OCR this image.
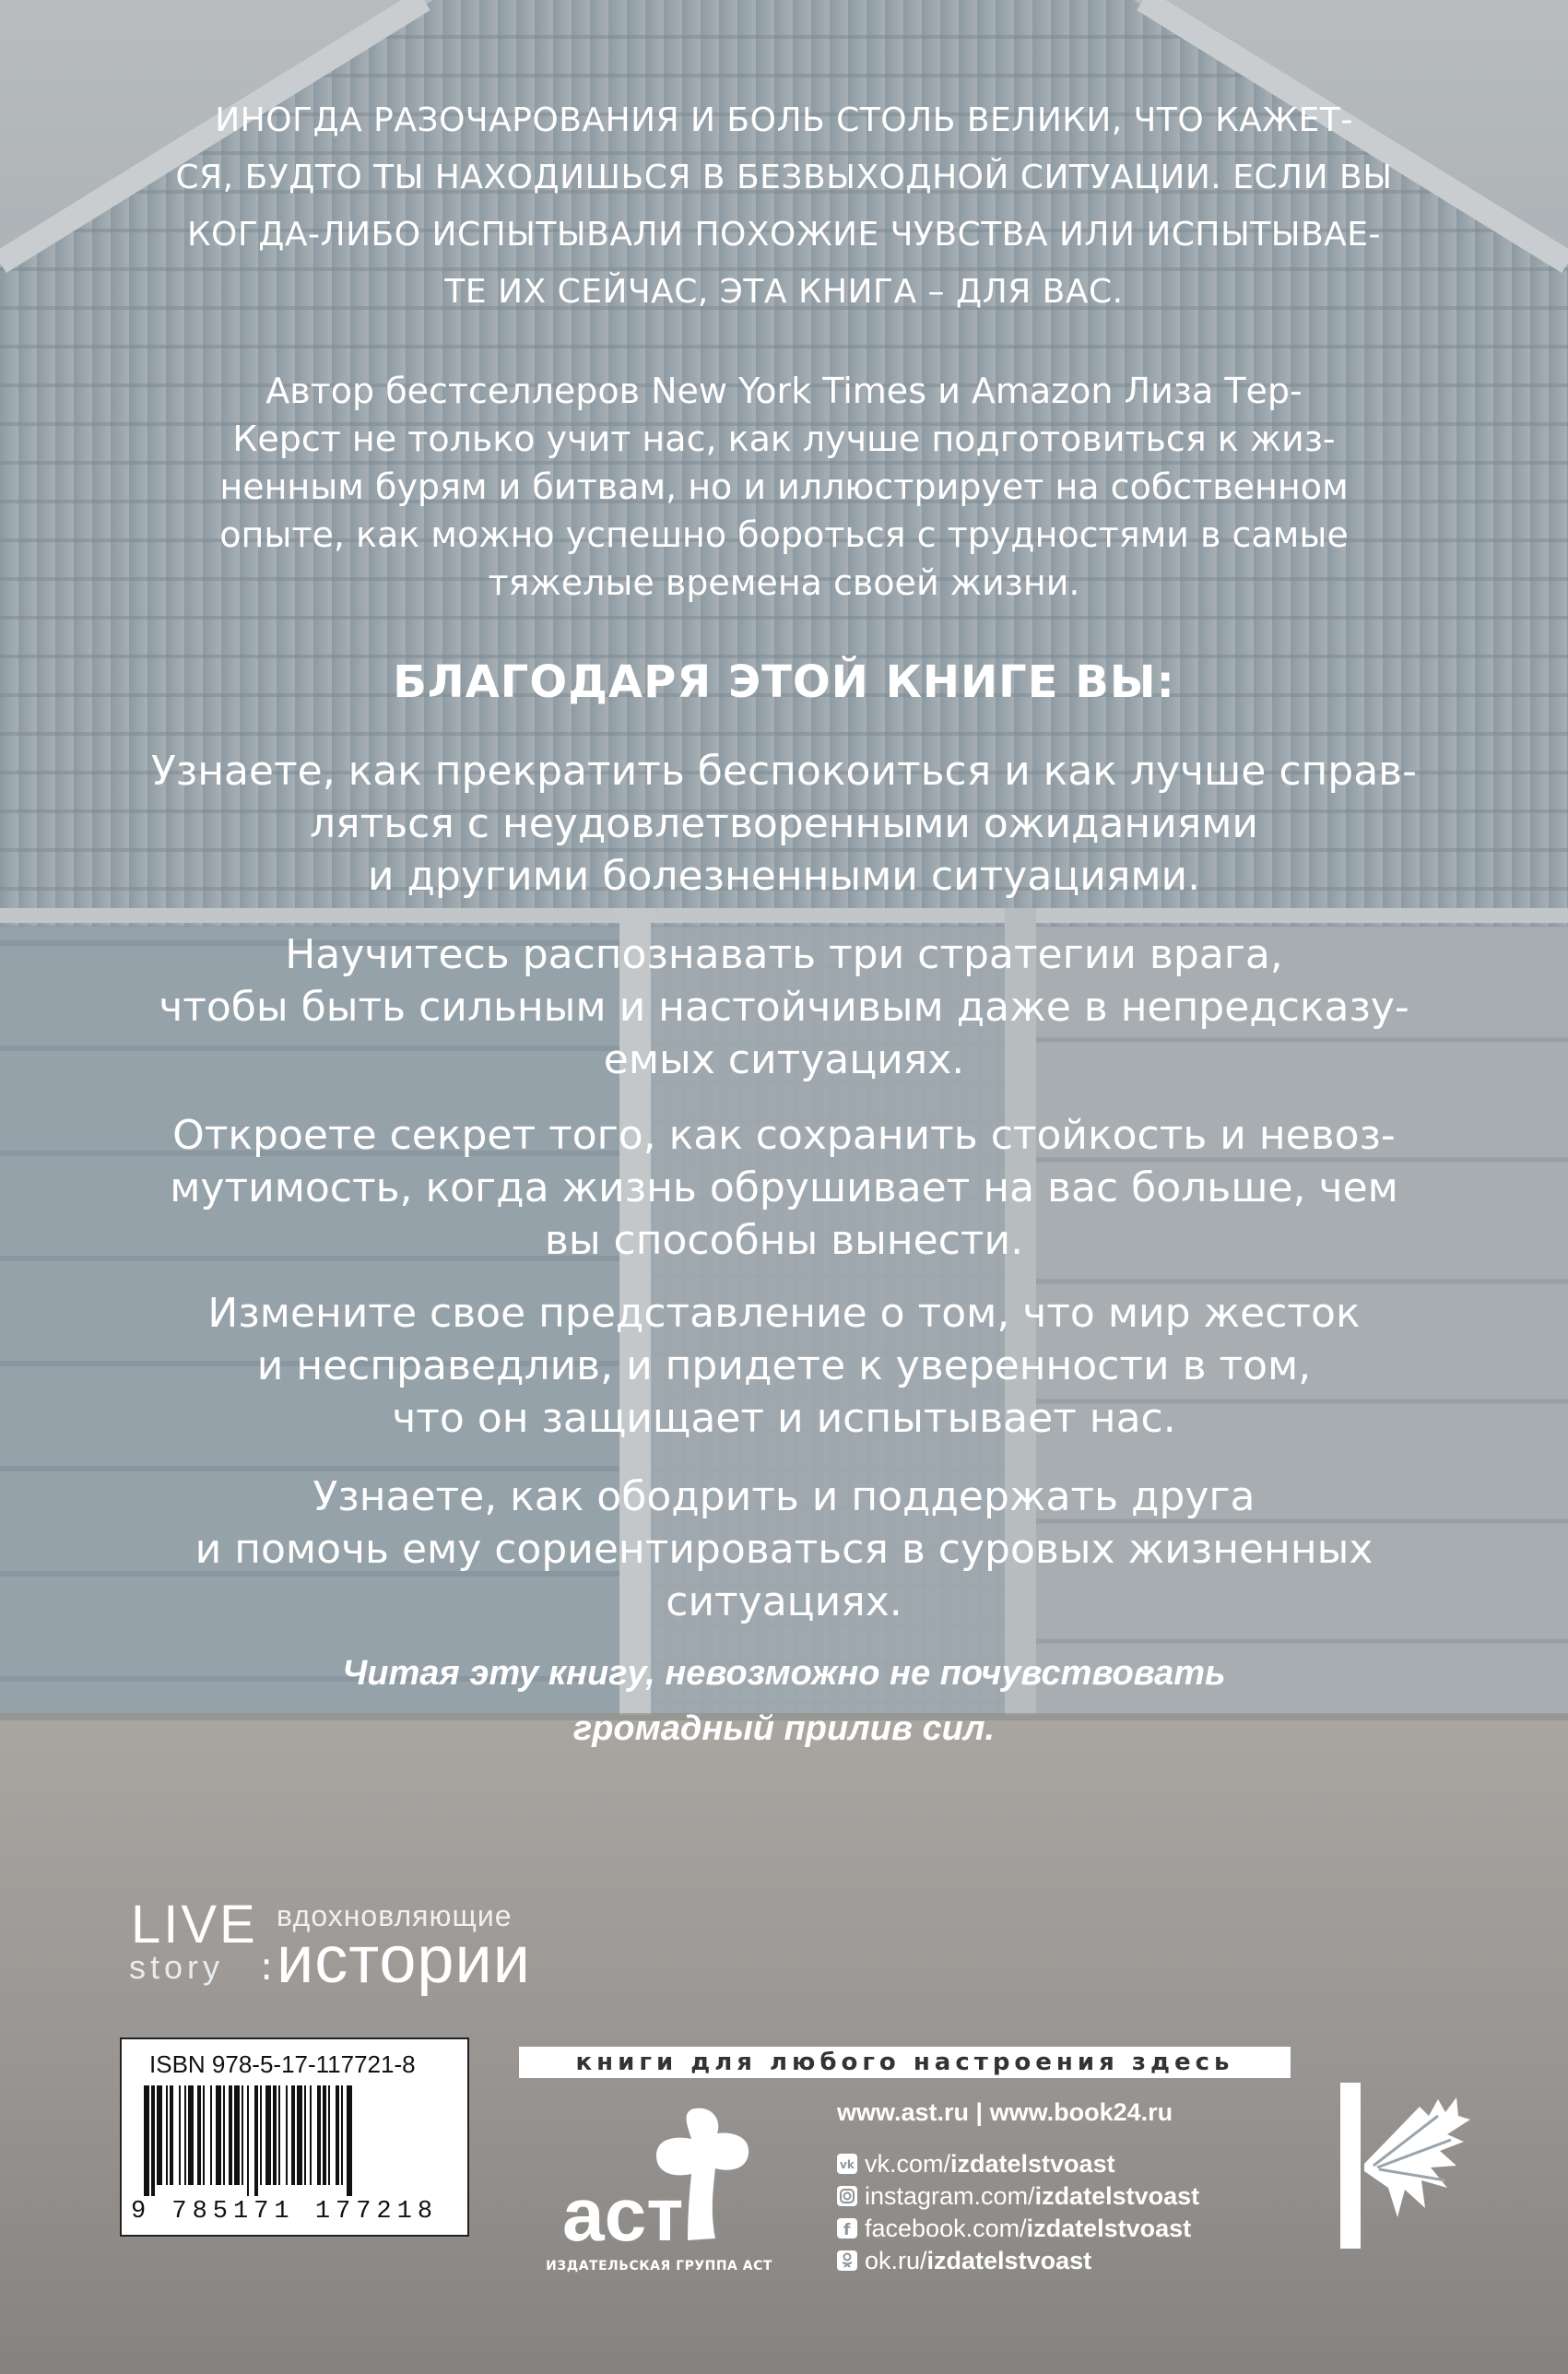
ИНОГДА РАЗОЧАРОВАНИЯ И БОЛЬ СТОЛЬ ВЕЛИКИ, ЧТО КАЖЕТ-
СЯ, БУДТО ТЫ НАХОДИШЬСЯ В БЕЗВЫХОДНОЙ СИТУАЦИИ. ЕСЛИ ВЫ
КОГДА-ЛИБО ИСПЫТЫВАЛИ ПОХОЖИЕ ЧУВСТВА ИЛИ ИСПЫТЫВАЕ-
ТЕ ИХ СЕЙЧАС, ЭТА КНИГА – ДЛЯ ВАС.
Автор бестселлеров New York Times и Amazon Лиза Тер-
Керст не только учит нас, как лучше подготовиться к жиз-
ненным бурям и битвам, но и иллюстрирует на собственном
опыте, как можно успешно бороться с трудностями в самые
тяжелые времена своей жизни.
БЛАГОДАРЯ ЭТОЙ КНИГЕ ВЫ:
Узнаете, как прекратить беспокоиться и как лучше справ-
ляться с неудовлетворенными ожиданиями
и другими болезненными ситуациями.
Научитесь распознавать три стратегии врага,
чтобы быть сильным и настойчивым даже в непредсказу-
емых ситуациях.
Откроете секрет того, как сохранить стойкость и невоз-
мутимость, когда жизнь обрушивает на вас больше, чем
вы способны вынести.
Измените свое представление о том, что мир жесток
и несправедлив, и придете к уверенности в том,
что он защищает и испытывает нас.
Узнаете, как ободрить и поддержать друга
и помочь ему сориентироваться в суровых жизненных
ситуациях.
Читая эту книгу, невозможно не почувствовать
громадный прилив сил.
LIVE
story :
вдохновляющие
истории
ISBN 978-5-17-117721-8
9 785171 177218
книги для любого настроения здесь
аст
ИЗДАТЕЛЬСКАЯ ГРУППА АСТ
www.ast.ru | www.book24.ru
vk vk.com/izdatelstvoast
instagram.com/izdatelstvoast
f facebook.com/izdatelstvoast
ok.ru/izdatelstvoast
